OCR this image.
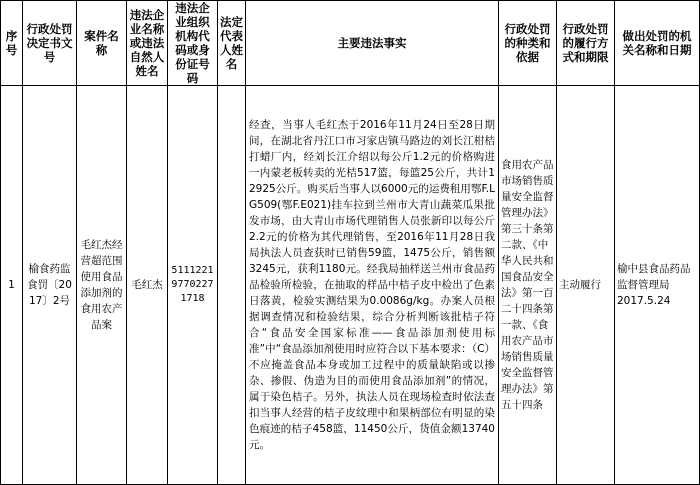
序号	行政处罚决定书文号	案件名称	违法企业名称或违法自然人姓名	违法企业组织机构代码或身份证号码	法定代表人姓名	主要违法事实	行政处罚的种类和依据	行政处罚的履行方式和期限	做出处罚的机关名称和日期
1	榆食药监食罚〔2017〕2号	毛红杰经营超范围使用食品添加剂的食用农产品案	毛红杰	511122197702271718		经查，当事人毛红杰于2016年11月24日至28日期间，在湖北省丹江口市习家店镇马路边的刘长江柑桔打蜡厂内，经刘长江介绍以每公斤1.2元的价格购进一内蒙老板转卖的光桔517篮，每篮25公斤，共计12925公斤。购买后当事人以6000元的运费租用鄂F.LG509(鄂F.E021)挂车拉到兰州市大青山蔬菜瓜果批发市场，由大青山市场代理销售人员张新印以每公斤2.2元的价格为其代理销售，至2016年11月28日我局执法人员查获时已销售59篮，1475公斤，销售额3245元，获利1180元。经我局抽样送兰州市食品药品检验所检验，在抽取的样品中桔子皮中检出了色素日落黄，检验实测结果为0.0086g/kg。办案人员根据调查情况和检验结果，综合分析判断该批桔子符合“食品安全国家标准——食品添加剂使用标准”中“食品添加剂使用时应符合以下基本要求：（C）不应掩盖食品本身或加工过程中的质量缺陷或以掺杂、掺假、伪造为目的而使用食品添加剂”的情况，属于染色桔子。另外，执法人员在现场检查时依法查扣当事人经营的桔子皮纹理中和果柄部位有明显的染色痕迹的桔子458篮，11450公斤，货值金额13740元。	食用农产品市场销售质量安全监督管理办法》第三十条第二款、《中华人民共和国食品安全法》第一百二十四条第一款、《食用农产品市场销售质量安全监督管理办法》第五十四条	主动履行	榆中县食品药品监督管理局
2017.5.24
